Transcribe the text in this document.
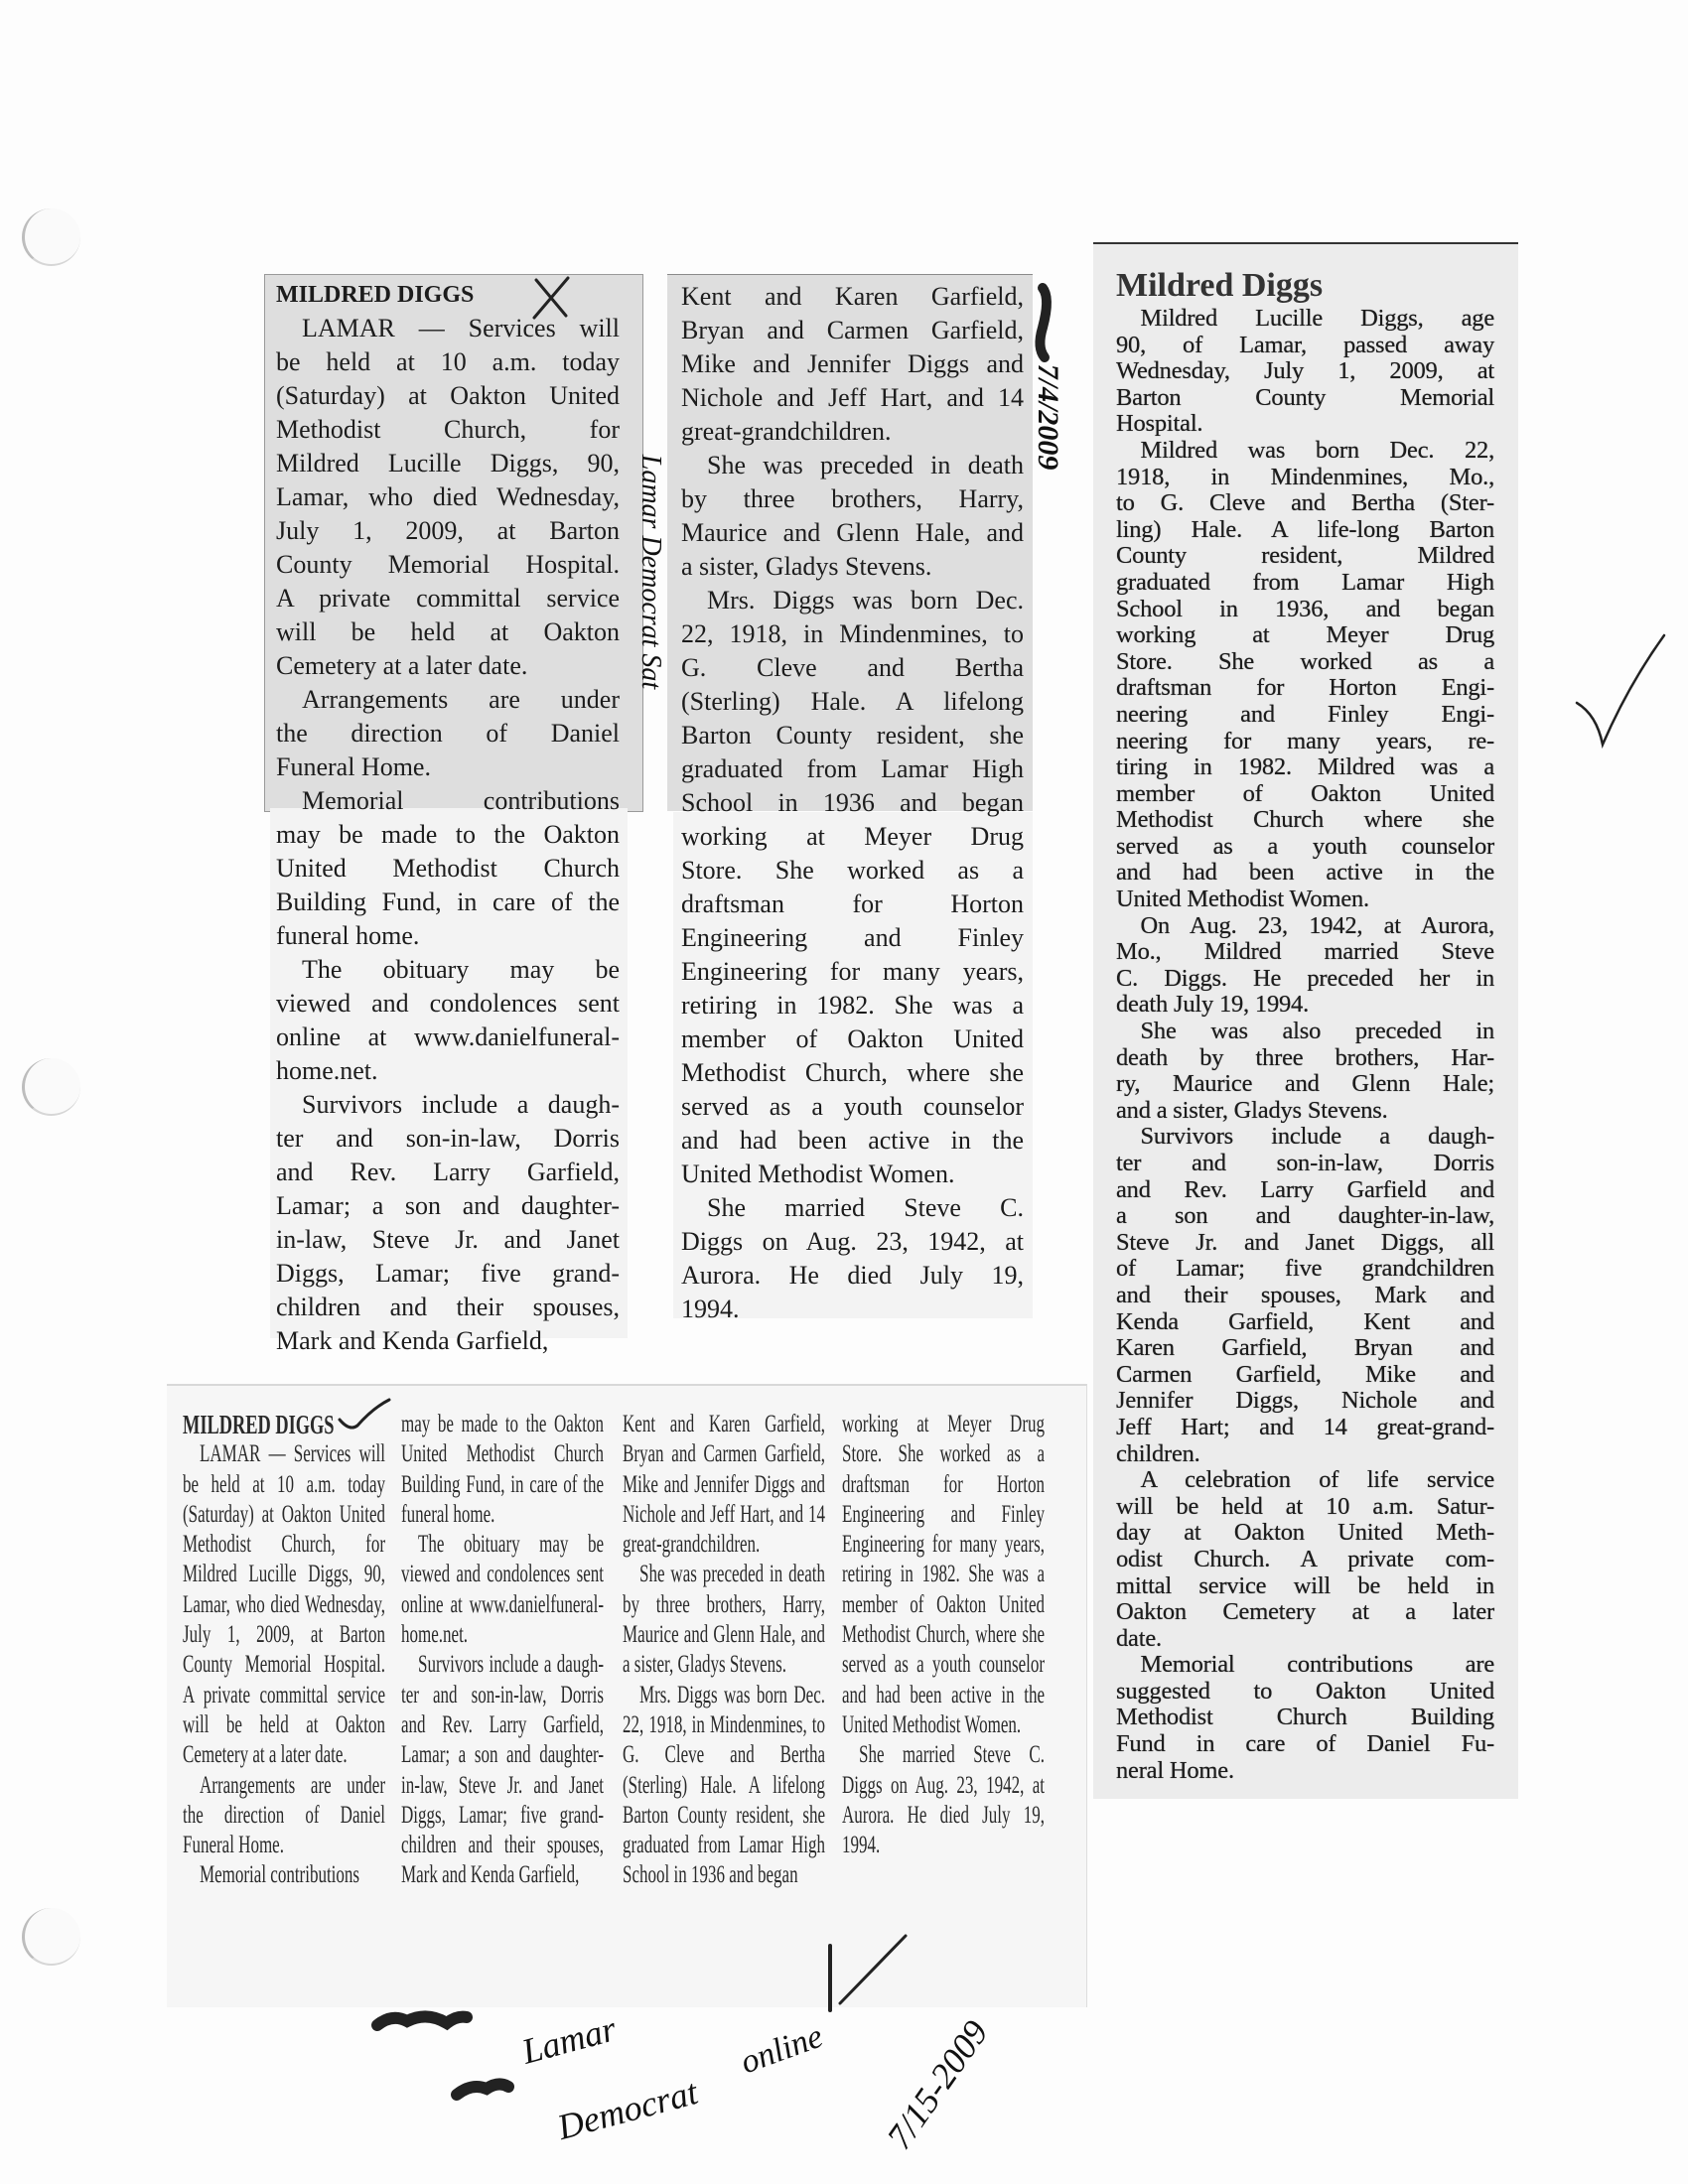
MILDRED DIGGS
LAMAR — Services will
be held at 10 a.m. today
(Saturday) at Oakton United
Methodist Church, for
Mildred Lucille Diggs, 90,
Lamar, who died Wednesday,
July 1, 2009, at Barton
County Memorial Hospital.
A private committal service
will be held at Oakton
Cemetery at a later date.
Arrangements are under
the direction of Daniel
Funeral Home.
Memorial contributions
may be made to the Oakton
United Methodist Church
Building Fund, in care of the
funeral home.
The obituary may be
viewed and condolences sent
online at www.danielfuneral-
home.net.
Survivors include a daugh-
ter and son-in-law, Dorris
and Rev. Larry Garfield,
Lamar; a son and daughter-
in-law, Steve Jr. and Janet
Diggs, Lamar; five grand-
children and their spouses,
Mark and Kenda Garfield,
Kent and Karen Garfield,
Bryan and Carmen Garfield,
Mike and Jennifer Diggs and
Nichole and Jeff Hart, and 14
great-grandchildren.
She was preceded in death
by three brothers, Harry,
Maurice and Glenn Hale, and
a sister, Gladys Stevens.
Mrs. Diggs was born Dec.
22, 1918, in Mindenmines, to
G. Cleve and Bertha
(Sterling) Hale. A lifelong
Barton County resident, she
graduated from Lamar High
School in 1936 and began
working at Meyer Drug
Store. She worked as a
draftsman for Horton
Engineering and Finley
Engineering for many years,
retiring in 1982. She was a
member of Oakton United
Methodist Church, where she
served as a youth counselor
and had been active in the
United Methodist Women.
She married Steve C.
Diggs on Aug. 23, 1942, at
Aurora. He died July 19,
1994.
Mildred Diggs
Mildred Lucille Diggs, age
90, of Lamar, passed away
Wednesday, July 1, 2009, at
Barton County Memorial
Hospital.
Mildred was born Dec. 22,
1918, in Mindenmines, Mo.,
to G. Cleve and Bertha (Ster-
ling) Hale. A life-long Barton
County resident, Mildred
graduated from Lamar High
School in 1936, and began
working at Meyer Drug
Store. She worked as a
draftsman for Horton Engi-
neering and Finley Engi-
neering for many years, re-
tiring in 1982. Mildred was a
member of Oakton United
Methodist Church where she
served as a youth counselor
and had been active in the
United Methodist Women.
On Aug. 23, 1942, at Aurora,
Mo., Mildred married Steve
C. Diggs. He preceded her in
death July 19, 1994.
She was also preceded in
death by three brothers, Har-
ry, Maurice and Glenn Hale;
and a sister, Gladys Stevens.
Survivors include a daugh-
ter and son-in-law, Dorris
and Rev. Larry Garfield and
a son and daughter-in-law,
Steve Jr. and Janet Diggs, all
of Lamar; five grandchildren
and their spouses, Mark and
Kenda Garfield, Kent and
Karen Garfield, Bryan and
Carmen Garfield, Mike and
Jennifer Diggs, Nichole and
Jeff Hart; and 14 great-grand-
children.
A celebration of life service
will be held at 10 a.m. Satur-
day at Oakton United Meth-
odist Church. A private com-
mittal service will be held in
Oakton Cemetery at a later
date.
Memorial contributions are
suggested to Oakton United
Methodist Church Building
Fund in care of Daniel Fu-
neral Home.
MILDRED DIGGS
LAMAR — Services will
be held at 10 a.m. today
(Saturday) at Oakton United
Methodist Church, for
Mildred Lucille Diggs, 90,
Lamar, who died Wednesday,
July 1, 2009, at Barton
County Memorial Hospital.
A private committal service
will be held at Oakton
Cemetery at a later date.
Arrangements are under
the direction of Daniel
Funeral Home.
Memorial contributions
may be made to the Oakton
United Methodist Church
Building Fund, in care of the
funeral home.
The obituary may be
viewed and condolences sent
online at www.danielfuneral-
home.net.
Survivors include a daugh-
ter and son-in-law, Dorris
and Rev. Larry Garfield,
Lamar; a son and daughter-
in-law, Steve Jr. and Janet
Diggs, Lamar; five grand-
children and their spouses,
Mark and Kenda Garfield,
Kent and Karen Garfield,
Bryan and Carmen Garfield,
Mike and Jennifer Diggs and
Nichole and Jeff Hart, and 14
great-grandchildren.
She was preceded in death
by three brothers, Harry,
Maurice and Glenn Hale, and
a sister, Gladys Stevens.
Mrs. Diggs was born Dec.
22, 1918, in Mindenmines, to
G. Cleve and Bertha
(Sterling) Hale. A lifelong
Barton County resident, she
graduated from Lamar High
School in 1936 and began
working at Meyer Drug
Store. She worked as a
draftsman for Horton
Engineering and Finley
Engineering for many years,
retiring in 1982. She was a
member of Oakton United
Methodist Church, where she
served as a youth counselor
and had been active in the
United Methodist Women.
She married Steve C.
Diggs on Aug. 23, 1942, at
Aurora. He died July 19,
1994.
Lamar Democrat Sat
7/4/2009
Lamar
Democrat
online 7/15-2009
